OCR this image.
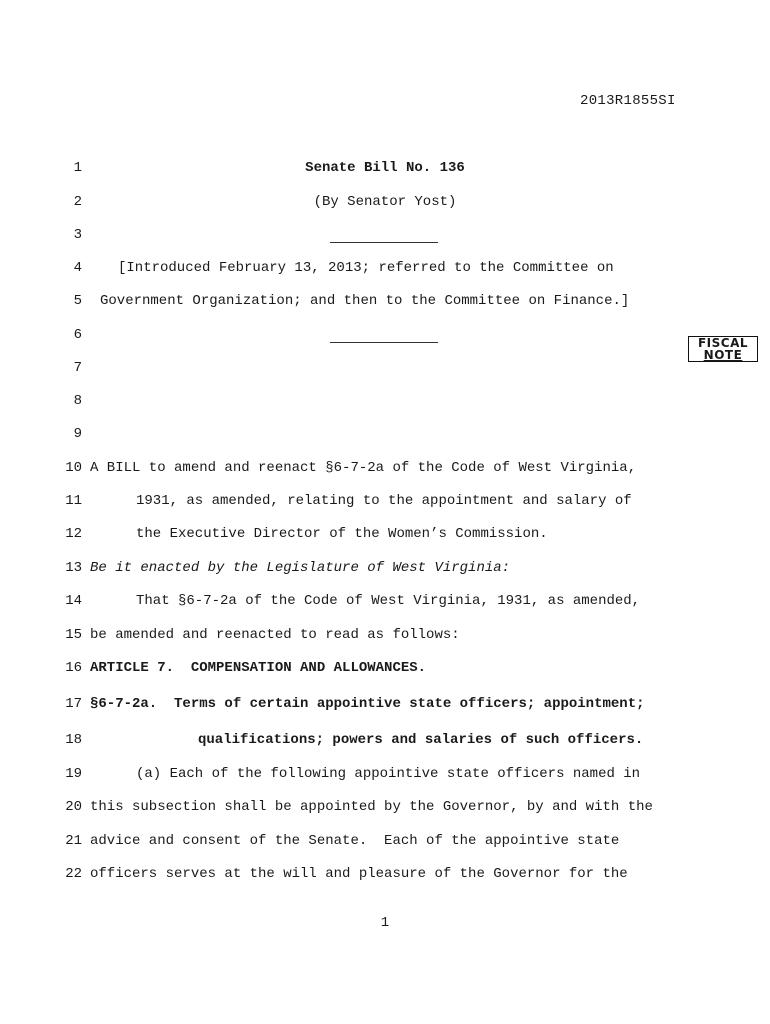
2013R1855SI
FISCAL
NOTE
1	Senate Bill No. 136
2	(By Senator Yost)
3
4	[Introduced February 13, 2013; referred to the Committee on
5 Government Organization; and then to the Committee on Finance.]
6
7
8
9
10 A BILL to amend and reenact §6-7-2a of the Code of West Virginia,
11	1931, as amended, relating to the appointment and salary of
12	the Executive Director of the Women’s Commission.
13 Be it enacted by the Legislature of West Virginia:
14	That §6-7-2a of the Code of West Virginia, 1931, as amended,
15 be amended and reenacted to read as follows:
16 ARTICLE 7.  COMPENSATION AND ALLOWANCES.
17 §6-7-2a.  Terms of certain appointive state officers; appointment;
18	qualifications; powers and salaries of such officers.
19	(a) Each of the following appointive state officers named in
20 this subsection shall be appointed by the Governor, by and with the
21 advice and consent of the Senate.  Each of the appointive state
22 officers serves at the will and pleasure of the Governor for the
1
